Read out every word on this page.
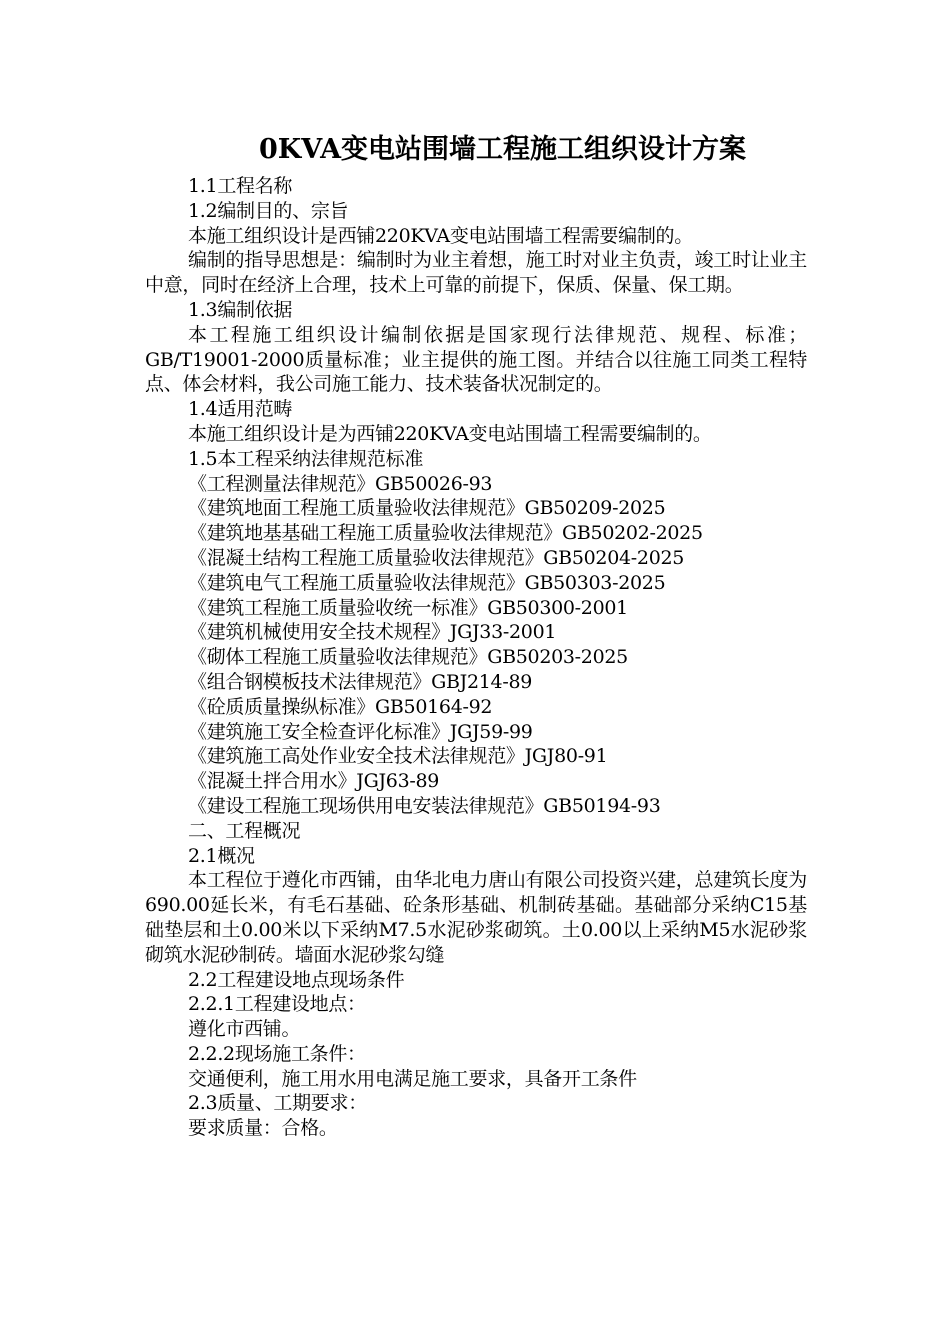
0KVA变电站围墙工程施工组织设计方案

1.1工程名称

1.2编制目的、宗旨

本施工组织设计是西铺220KVA变电站围墙工程需要编制的。

编制的指导思想是：编制时为业主着想，施工时对业主负责，竣工时让业主中意，同时在经济上合理，技术上可靠的前提下，保质、保量、保工期。

1.3编制依据

本工程施工组织设计编制依据是国家现行法律规范、规程、标准；GB/T19001-2000质量标准；业主提供的施工图。并结合以往施工同类工程特点、体会材料，我公司施工能力、技术装备状况制定的。

1.4适用范畴

本施工组织设计是为西铺220KVA变电站围墙工程需要编制的。

1.5本工程采纳法律规范标准

《工程测量法律规范》GB50026-93

《建筑地面工程施工质量验收法律规范》GB50209-2025

《建筑地基基础工程施工质量验收法律规范》GB50202-2025

《混凝土结构工程施工质量验收法律规范》GB50204-2025

《建筑电气工程施工质量验收法律规范》GB50303-2025

《建筑工程施工质量验收统一标准》GB50300-2001

《建筑机械使用安全技术规程》JGJ33-2001

《砌体工程施工质量验收法律规范》GB50203-2025

《组合钢模板技术法律规范》GBJ214-89

《砼质质量操纵标准》GB50164-92

《建筑施工安全检查评化标准》JGJ59-99

《建筑施工高处作业安全技术法律规范》JGJ80-91

《混凝土拌合用水》JGJ63-89

《建设工程施工现场供用电安装法律规范》GB50194-93

二、工程概况

2.1概况

本工程位于遵化市西铺，由华北电力唐山有限公司投资兴建，总建筑长度为690.00延长米，有毛石基础、砼条形基础、机制砖基础。基础部分采纳C15基础垫层和土0.00米以下采纳M7.5水泥砂浆砌筑。土0.00以上采纳M5水泥砂浆砌筑水泥砂制砖。墙面水泥砂浆勾缝

2.2工程建设地点现场条件

2.2.1工程建设地点：

遵化市西铺。

2.2.2现场施工条件：

交通便利，施工用水用电满足施工要求，具备开工条件

2.3质量、工期要求：

要求质量：合格。
